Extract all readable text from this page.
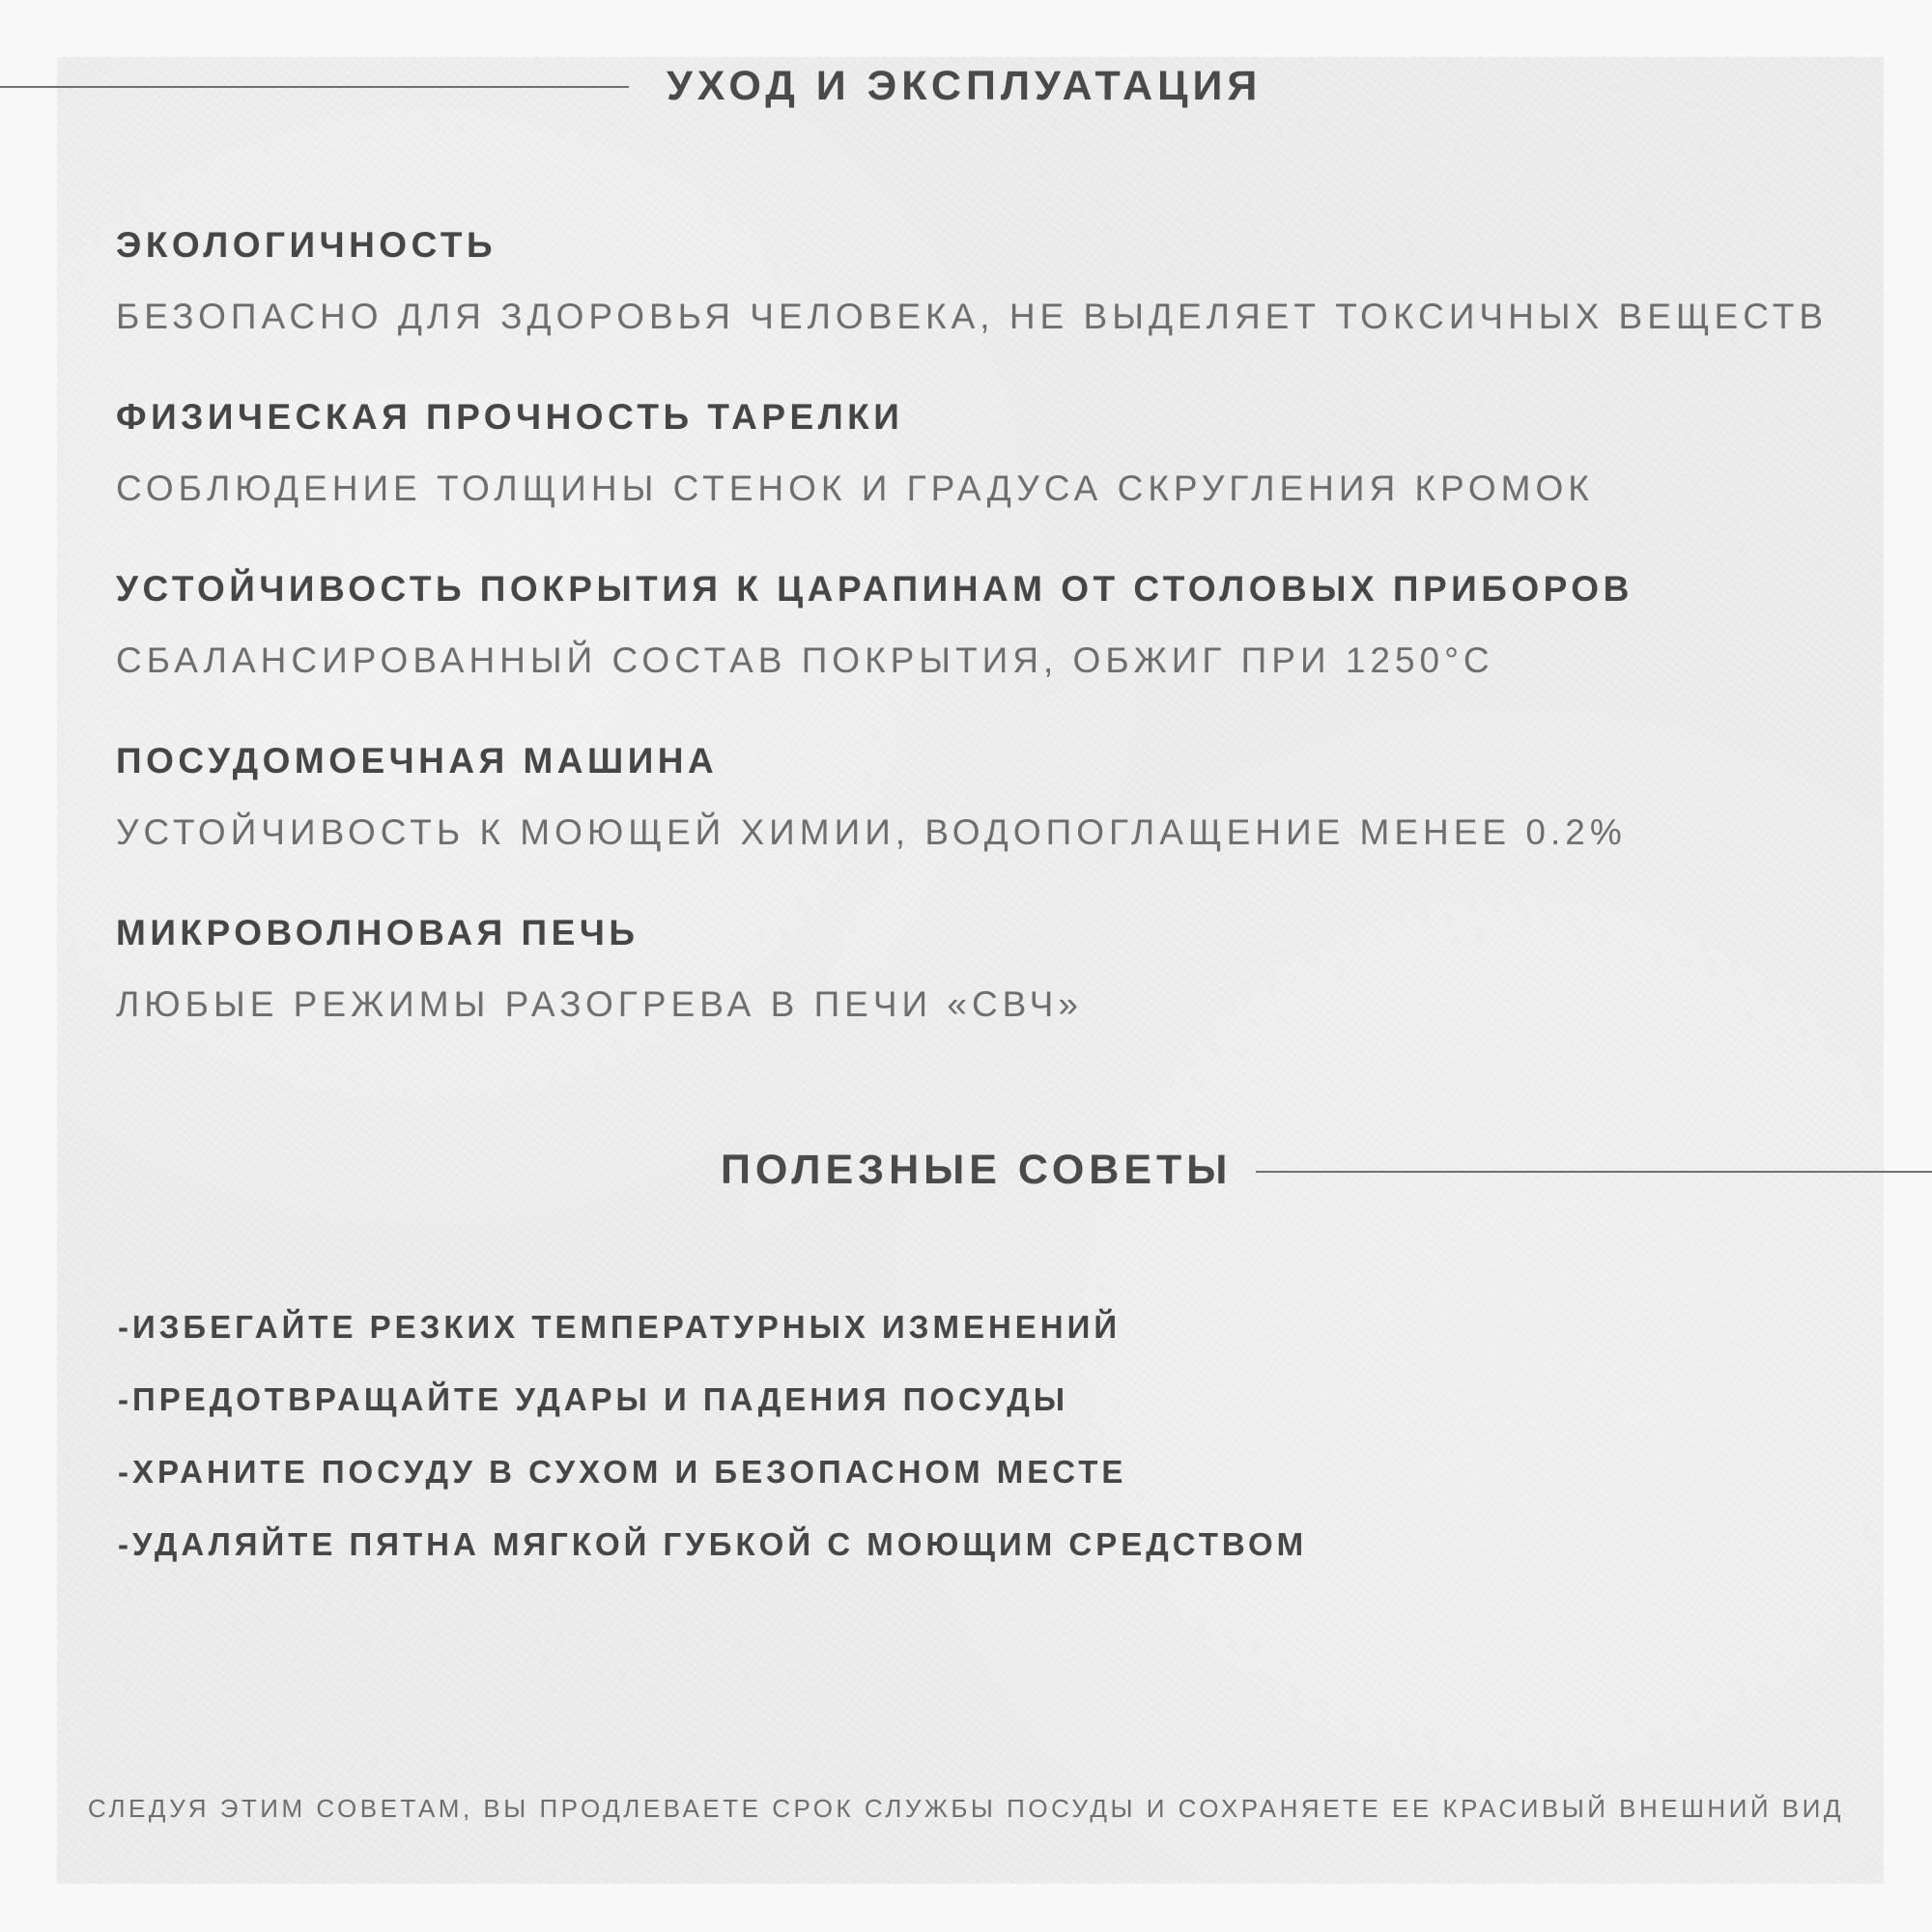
УХОД И ЭКСПЛУАТАЦИЯ
ЭКОЛОГИЧНОСТЬ
БЕЗОПАСНО ДЛЯ ЗДОРОВЬЯ ЧЕЛОВЕКА, НЕ ВЫДЕЛЯЕТ ТОКСИЧНЫХ ВЕЩЕСТВ
ФИЗИЧЕСКАЯ ПРОЧНОСТЬ ТАРЕЛКИ
СОБЛЮДЕНИЕ ТОЛЩИНЫ СТЕНОК И ГРАДУСА СКРУГЛЕНИЯ КРОМОК
УСТОЙЧИВОСТЬ ПОКРЫТИЯ К ЦАРАПИНАМ ОТ СТОЛОВЫХ ПРИБОРОВ
СБАЛАНСИРОВАННЫЙ СОСТАВ ПОКРЫТИЯ, ОБЖИГ ПРИ 1250°С
ПОСУДОМОЕЧНАЯ МАШИНА
УСТОЙЧИВОСТЬ К МОЮЩЕЙ ХИМИИ, ВОДОПОГЛАЩЕНИЕ МЕНЕЕ 0.2%
МИКРОВОЛНОВАЯ ПЕЧЬ
ЛЮБЫЕ РЕЖИМЫ РАЗОГРЕВА В ПЕЧИ «СВЧ»
ПОЛЕЗНЫЕ СОВЕТЫ
-ИЗБЕГАЙТЕ РЕЗКИХ ТЕМПЕРАТУРНЫХ ИЗМЕНЕНИЙ
-ПРЕДОТВРАЩАЙТЕ УДАРЫ И ПАДЕНИЯ ПОСУДЫ
-ХРАНИТЕ ПОСУДУ В СУХОМ И БЕЗОПАСНОМ МЕСТЕ
-УДАЛЯЙТЕ ПЯТНА МЯГКОЙ ГУБКОЙ С МОЮЩИМ СРЕДСТВОМ

СЛЕДУЯ ЭТИМ СОВЕТАМ, ВЫ ПРОДЛЕВАЕТЕ СРОК СЛУЖБЫ ПОСУДЫ И СОХРАНЯЕТЕ ЕЕ КРАСИВЫЙ ВНЕШНИЙ ВИД
